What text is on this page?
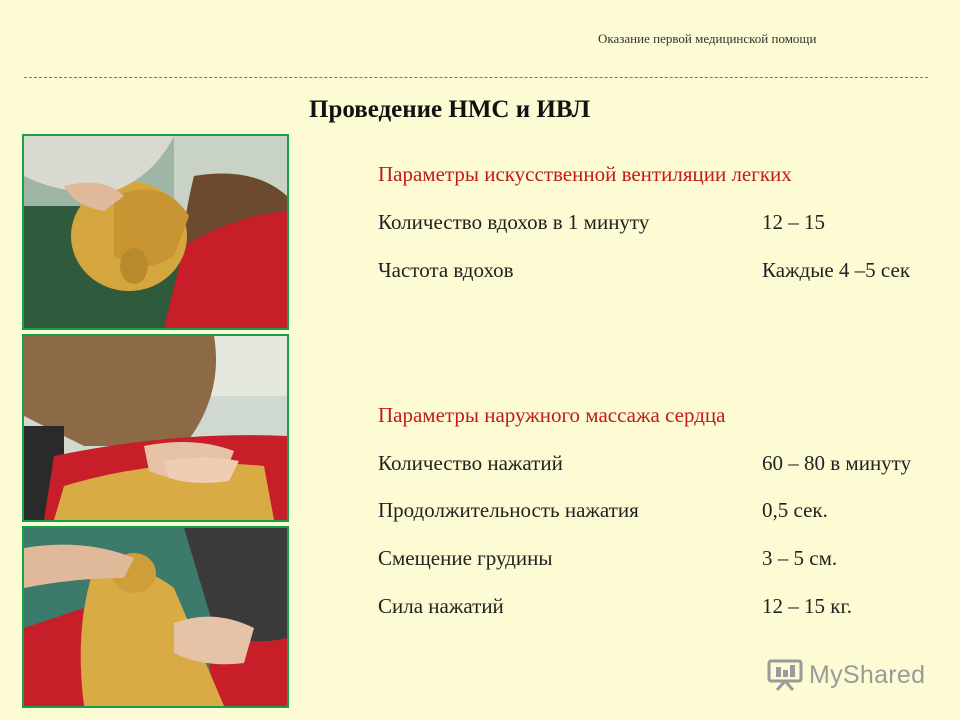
Оказание первой медицинской помощи
Проведение НМС и ИВЛ
Параметры искусственной вентиляции легких
Количество вдохов в 1 минуту	12 – 15
Частота вдохов	Каждые 4 –5 сек
Параметры наружного массажа сердца
Количество нажатий	60 – 80 в минуту
Продолжительность нажатия	0,5 сек.
Смещение грудины	3 – 5 см.
Сила нажатий	12 – 15 кг.
MyShared
